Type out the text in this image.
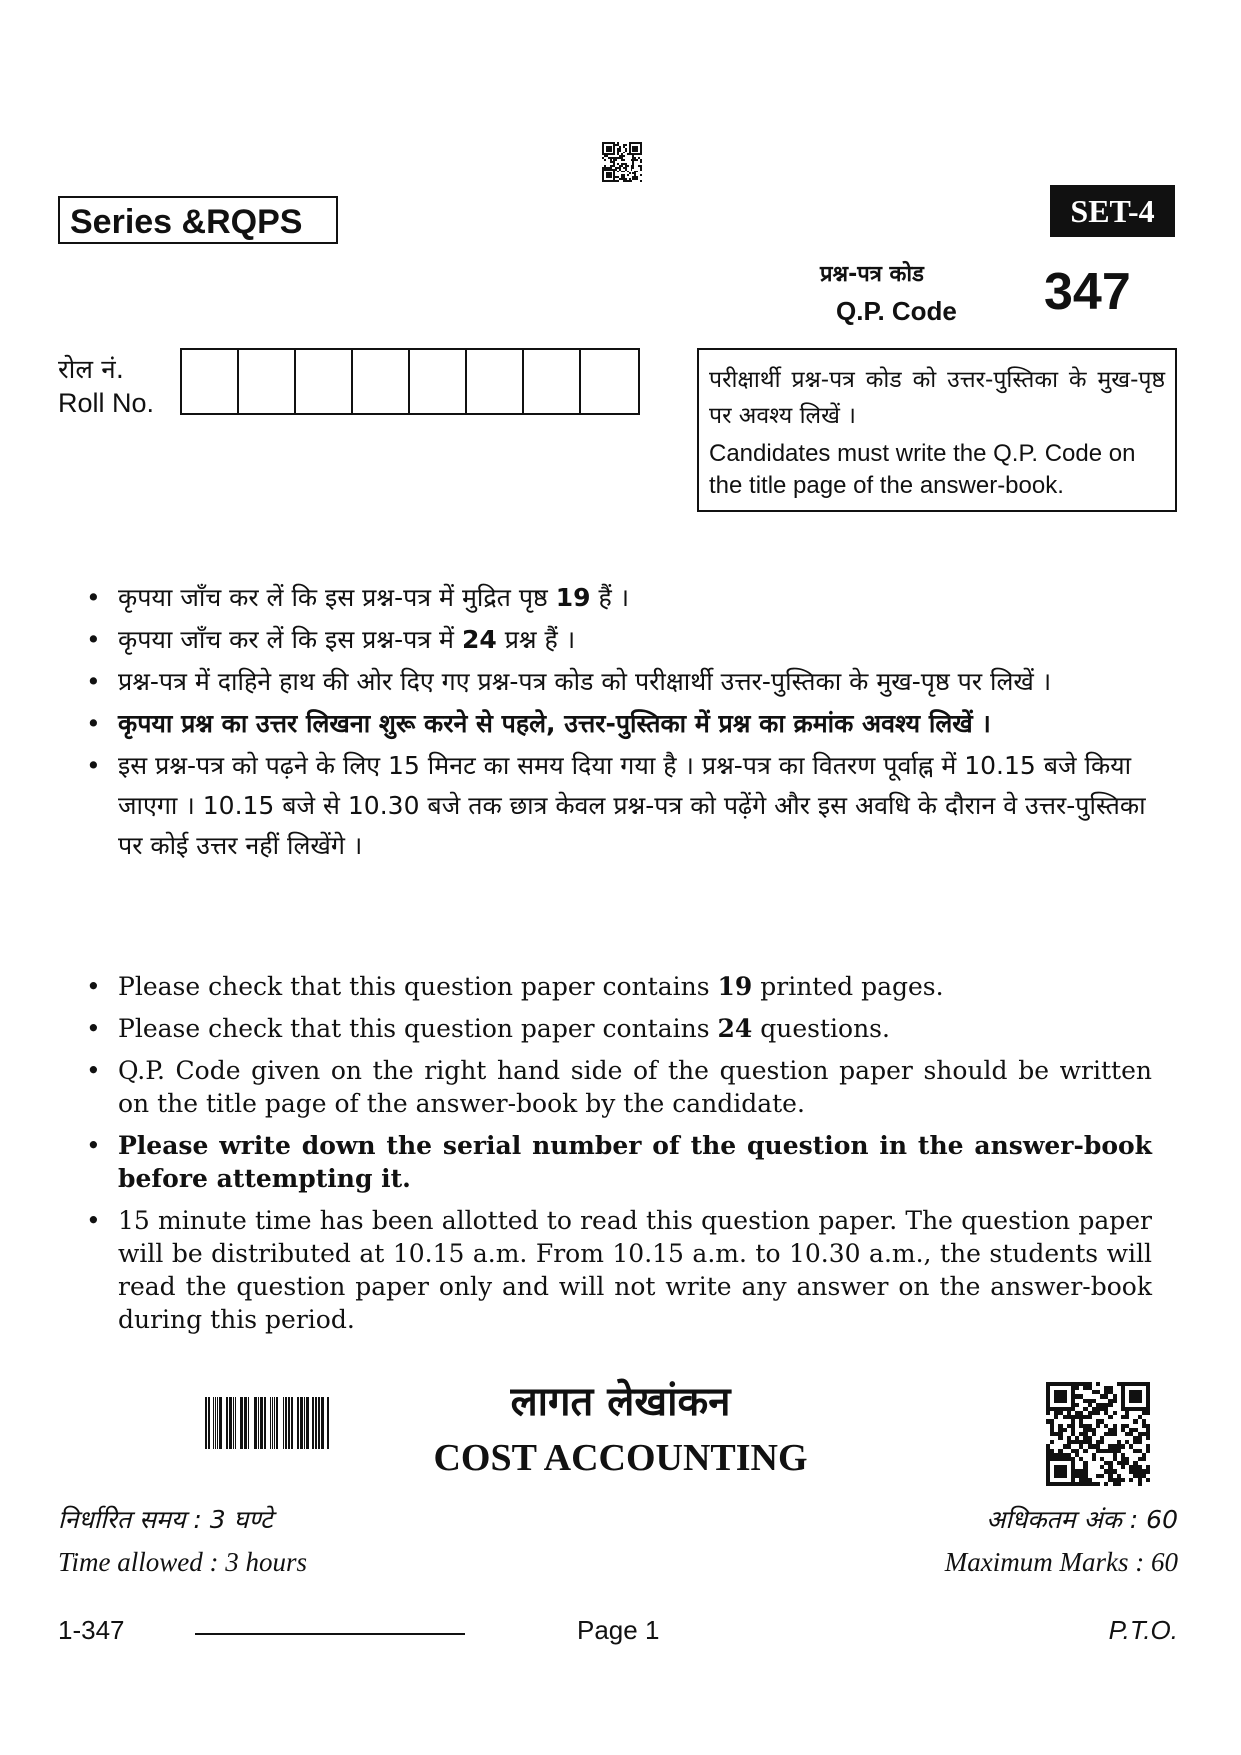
Series &RQPS	SET-4
प्रश्न-पत्र कोड
Q.P. Code 347
रोल नं.
Roll No.
परीक्षार्थी प्रश्न-पत्र कोड को उत्तर-पुस्तिका के मुख-पृष्ठ पर अवश्य लिखें ।
Candidates must write the Q.P. Code on the title page of the answer-book.
• कृपया जाँच कर लें कि इस प्रश्न-पत्र में मुद्रित पृष्ठ 19 हैं ।
• कृपया जाँच कर लें कि इस प्रश्न-पत्र में 24 प्रश्न हैं ।
• प्रश्न-पत्र में दाहिने हाथ की ओर दिए गए प्रश्न-पत्र कोड को परीक्षार्थी उत्तर-पुस्तिका के मुख-पृष्ठ पर लिखें ।
• कृपया प्रश्न का उत्तर लिखना शुरू करने से पहले, उत्तर-पुस्तिका में प्रश्न का क्रमांक अवश्य लिखें ।
• इस प्रश्न-पत्र को पढ़ने के लिए 15 मिनट का समय दिया गया है । प्रश्न-पत्र का वितरण पूर्वाह्न में 10.15 बजे किया जाएगा । 10.15 बजे से 10.30 बजे तक छात्र केवल प्रश्न-पत्र को पढ़ेंगे और इस अवधि के दौरान वे उत्तर-पुस्तिका पर कोई उत्तर नहीं लिखेंगे ।
• Please check that this question paper contains 19 printed pages.
• Please check that this question paper contains 24 questions.
• Q.P. Code given on the right hand side of the question paper should be written on the title page of the answer-book by the candidate.
• Please write down the serial number of the question in the answer-book before attempting it.
• 15 minute time has been allotted to read this question paper. The question paper will be distributed at 10.15 a.m. From 10.15 a.m. to 10.30 a.m., the students will read the question paper only and will not write any answer on the answer-book during this period.
लागत लेखांकन
COST ACCOUNTING
निर्धारित समय : 3 घण्टे
Time allowed : 3 hours
अधिकतम अंक : 60
Maximum Marks : 60
1-347	Page 1	P.T.O.
